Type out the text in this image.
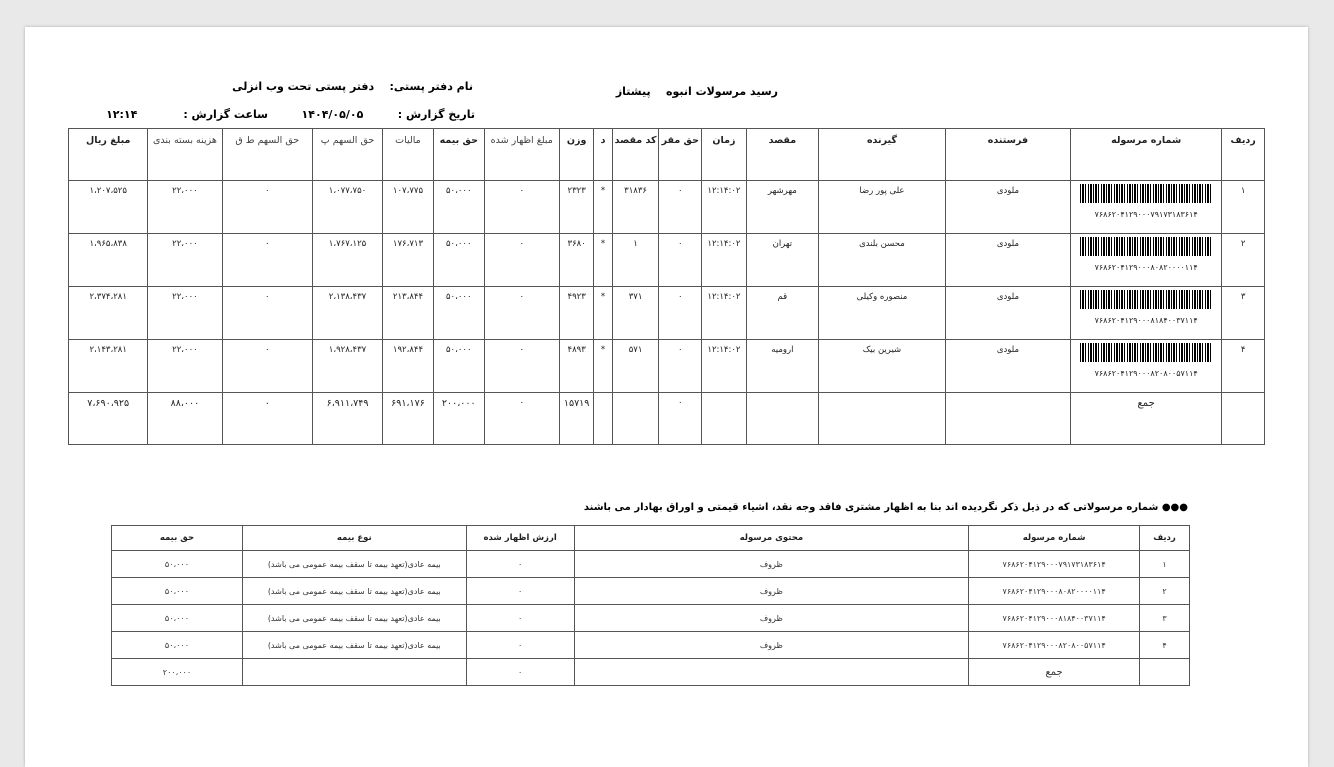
رسید مرسولات انبوه    پیشتاز
نام دفتر پستی:    دفتر پستی تحت وب انزلی
تاریخ گزارش :         ۱۴۰۴/۰۵/۰۵
ساعت گزارش :            ۱۲:۱۴
ردیف	شماره مرسوله	فرستنده	گیرنده	مقصد	زمان	حق مقر	کد مقصد	د	وزن	مبلغ اظهار شده	حق بیمه	مالیات	حق السهم پ	حق السهم ط ق	هزینه بسته بندی	مبلغ ریال
۱	۷۶۸۶۲۰۴۱۲۹۰۰۰۷۹۱۷۳۱۸۳۶۱۴	ملودی	علی پور رضا	مهرشهر	۱۲:۱۴:۰۲	۰	۳۱۸۳۶	*	۲۳۲۳	۰	۵۰،۰۰۰	۱۰۷،۷۷۵	۱،۰۷۷،۷۵۰	۰	۲۲،۰۰۰	۱،۲۰۷،۵۲۵
۲	۷۶۸۶۲۰۴۱۲۹۰۰۰۸۰۸۲۰۰۰۰۱۱۴	ملودی	محسن بلندی	تهران	۱۲:۱۴:۰۲	۰	۱	*	۳۶۸۰	۰	۵۰،۰۰۰	۱۷۶،۷۱۳	۱،۷۶۷،۱۲۵	۰	۲۲،۰۰۰	۱،۹۶۵،۸۳۸
۳	۷۶۸۶۲۰۴۱۲۹۰۰۰۸۱۸۴۰۰۳۷۱۱۴	ملودی	منصوره وکیلی	قم	۱۲:۱۴:۰۲	۰	۳۷۱	*	۴۹۲۳	۰	۵۰،۰۰۰	۲۱۳،۸۴۴	۲،۱۳۸،۴۳۷	۰	۲۲،۰۰۰	۲،۳۷۴،۲۸۱
۴	۷۶۸۶۲۰۴۱۲۹۰۰۰۸۲۰۸۰۰۵۷۱۱۴	ملودی	شیرین بیک	ارومیه	۱۲:۱۴:۰۲	۰	۵۷۱	*	۴۸۹۳	۰	۵۰،۰۰۰	۱۹۲،۸۴۴	۱،۹۲۸،۴۳۷	۰	۲۲،۰۰۰	۲،۱۴۳،۲۸۱
	جمع					۰			۱۵۷۱۹	۰	۲۰۰،۰۰۰	۶۹۱،۱۷۶	۶،۹۱۱،۷۴۹	۰	۸۸،۰۰۰	۷،۶۹۰،۹۲۵
●●● شماره مرسولاتی که در ذیل ذکر نگردیده اند بنا به اظهار مشتری فاقد وجه نقد، اشیاء قیمتی و اوراق بهادار می باشند
ردیف	شماره مرسوله	محتوی مرسوله	ارزش اظهار شده	نوع بیمه	حق بیمه
۱	۷۶۸۶۲۰۴۱۲۹۰۰۰۷۹۱۷۳۱۸۳۶۱۴	ظروف	۰	بیمه عادی(تعهد بیمه تا سقف بیمه عمومی می باشد)	۵۰،۰۰۰
۲	۷۶۸۶۲۰۴۱۲۹۰۰۰۸۰۸۲۰۰۰۰۱۱۴	ظروف	۰	بیمه عادی(تعهد بیمه تا سقف بیمه عمومی می باشد)	۵۰،۰۰۰
۳	۷۶۸۶۲۰۴۱۲۹۰۰۰۸۱۸۴۰۰۳۷۱۱۴	ظروف	۰	بیمه عادی(تعهد بیمه تا سقف بیمه عمومی می باشد)	۵۰،۰۰۰
۴	۷۶۸۶۲۰۴۱۲۹۰۰۰۸۲۰۸۰۰۵۷۱۱۴	ظروف	۰	بیمه عادی(تعهد بیمه تا سقف بیمه عمومی می باشد)	۵۰،۰۰۰
	جمع		۰		۲۰۰،۰۰۰
